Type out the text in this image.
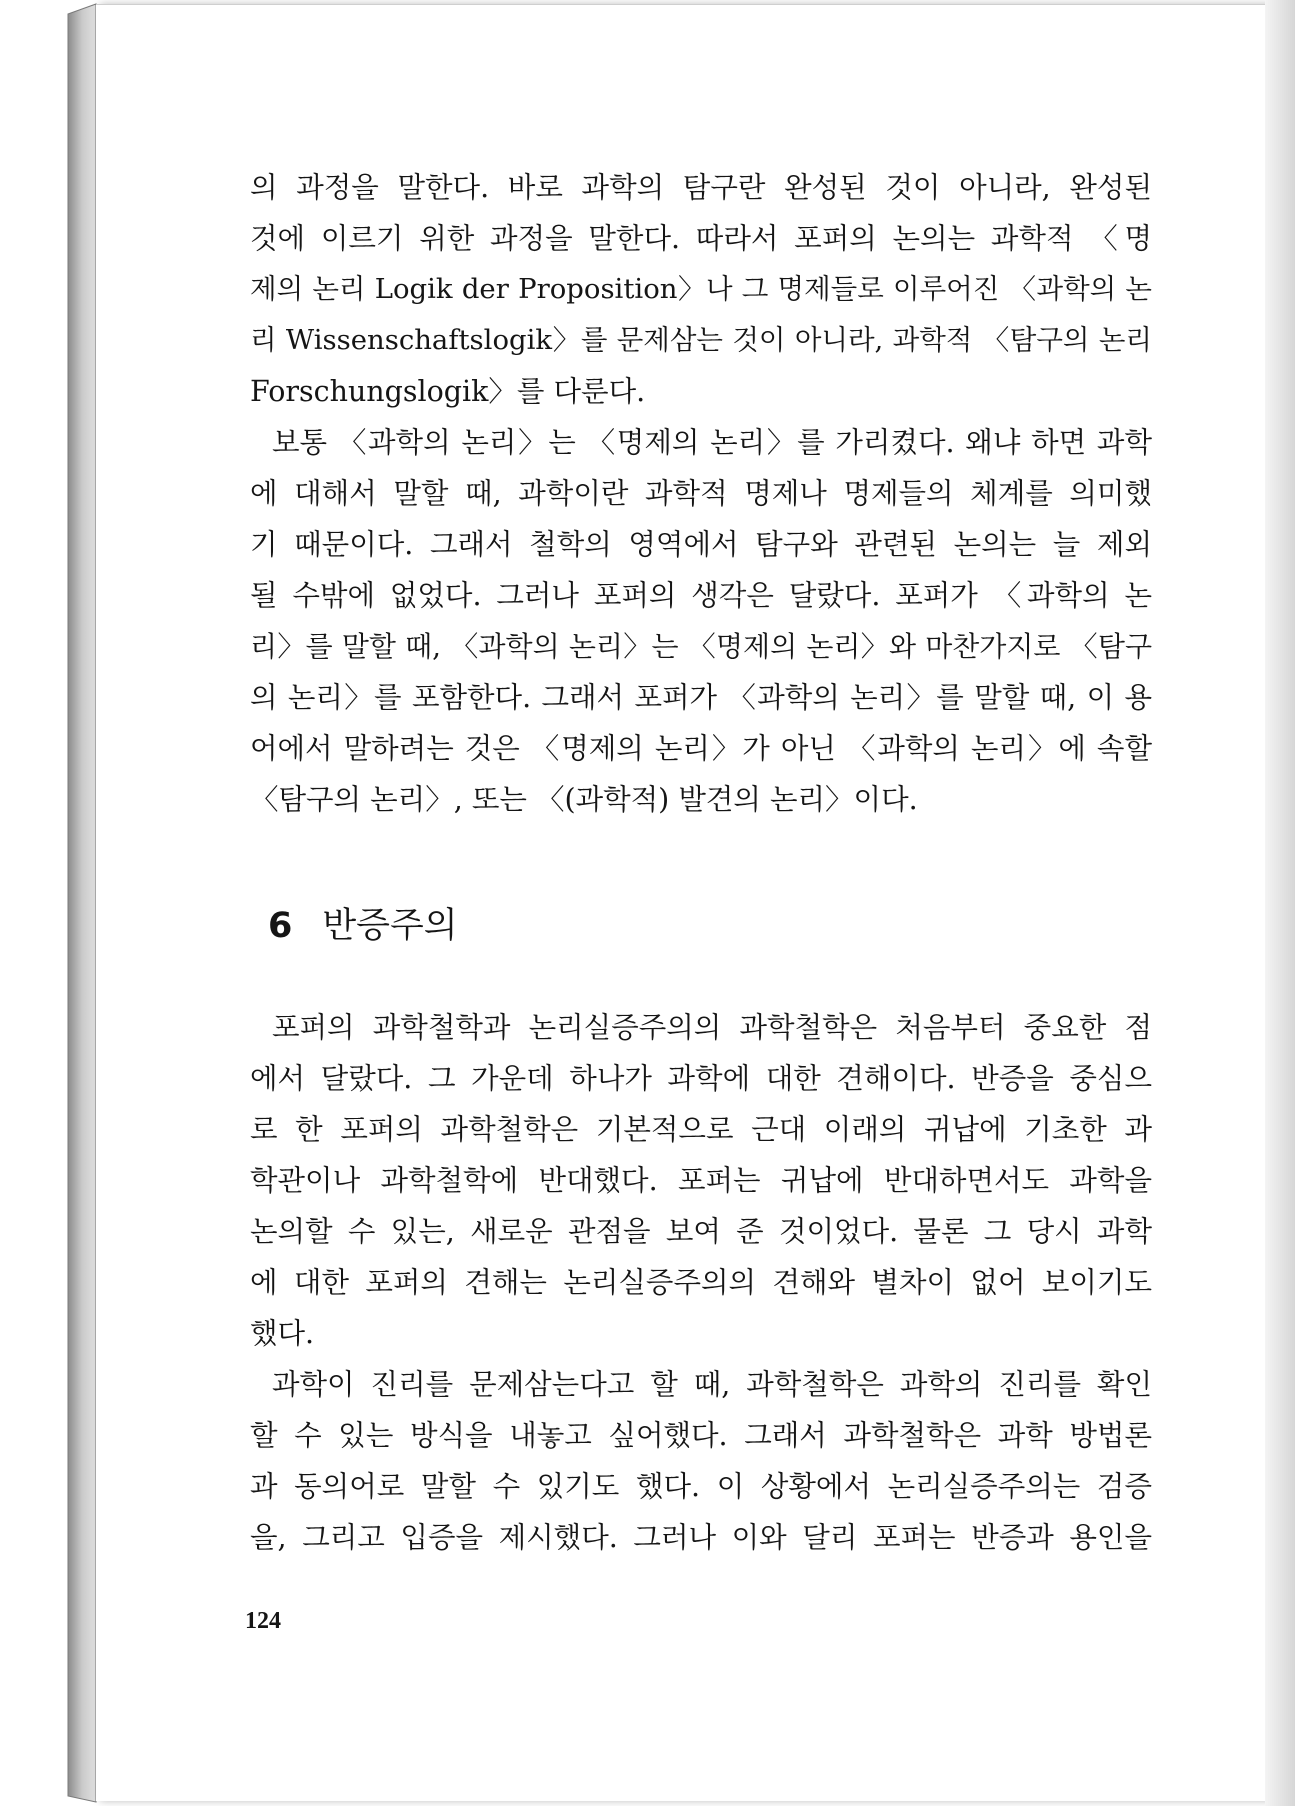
의 과정을 말한다. 바로 과학의 탐구란 완성된 것이 아니라, 완성된

것에 이르기 위한 과정을 말한다. 따라서 포퍼의 논의는 과학적 〈명

제의 논리 Logik der Proposition〉나 그 명제들로 이루어진 〈과학의 논

리 Wissenschaftslogik〉를 문제삼는 것이 아니라, 과학적 〈탐구의 논리

Forschungslogik〉를 다룬다.

보통 〈과학의 논리〉는 〈명제의 논리〉를 가리켰다. 왜냐 하면 과학

에 대해서 말할 때, 과학이란 과학적 명제나 명제들의 체계를 의미했

기 때문이다. 그래서 철학의 영역에서 탐구와 관련된 논의는 늘 제외

될 수밖에 없었다. 그러나 포퍼의 생각은 달랐다. 포퍼가 〈과학의 논

리〉를 말할 때, 〈과학의 논리〉는 〈명제의 논리〉와 마찬가지로 〈탐구

의 논리〉를 포함한다. 그래서 포퍼가 〈과학의 논리〉를 말할 때, 이 용

어에서 말하려는 것은 〈명제의 논리〉가 아닌 〈과학의 논리〉에 속할

〈탐구의 논리〉, 또는 〈(과학적) 발견의 논리〉이다.

6 반증주의

포퍼의 과학철학과 논리실증주의의 과학철학은 처음부터 중요한 점

에서 달랐다. 그 가운데 하나가 과학에 대한 견해이다. 반증을 중심으

로 한 포퍼의 과학철학은 기본적으로 근대 이래의 귀납에 기초한 과

학관이나 과학철학에 반대했다. 포퍼는 귀납에 반대하면서도 과학을

논의할 수 있는, 새로운 관점을 보여 준 것이었다. 물론 그 당시 과학

에 대한 포퍼의 견해는 논리실증주의의 견해와 별차이 없어 보이기도

했다.

과학이 진리를 문제삼는다고 할 때, 과학철학은 과학의 진리를 확인

할 수 있는 방식을 내놓고 싶어했다. 그래서 과학철학은 과학 방법론

과 동의어로 말할 수 있기도 했다. 이 상황에서 논리실증주의는 검증

을, 그리고 입증을 제시했다. 그러나 이와 달리 포퍼는 반증과 용인을

124
